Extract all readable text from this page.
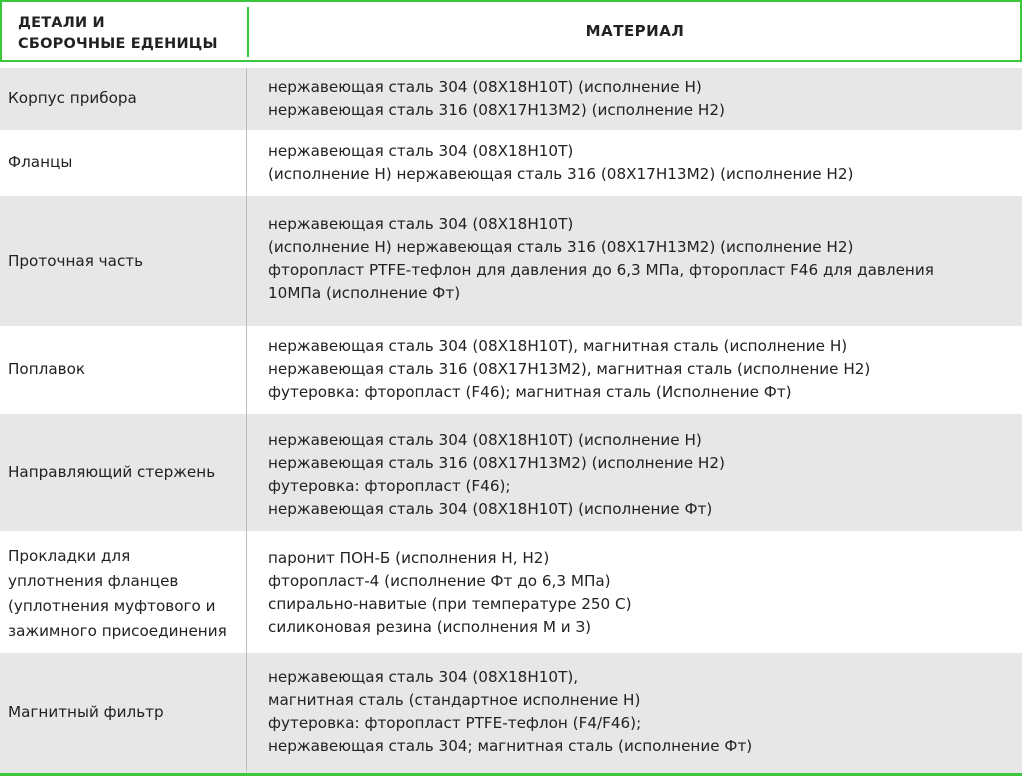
ДЕТАЛИ И
СБОРОЧНЫЕ ЕДЕНИЦЫ
МАТЕРИАЛ
Корпус прибора
нержавеющая сталь 304 (08Х18Н10Т) (исполнение Н)
нержавеющая сталь 316 (08Х17Н13М2) (исполнение Н2)
Фланцы
нержавеющая сталь 304 (08Х18Н10Т)
(исполнение Н) нержавеющая сталь 316 (08Х17Н13М2) (исполнение Н2)
Проточная часть
нержавеющая сталь 304 (08Х18Н10Т)
(исполнение Н) нержавеющая сталь 316 (08Х17Н13М2) (исполнение Н2)
фторопласт PTFE-тефлон для давления до 6,3 МПа, фторопласт F46 для давления
10МПа (исполнение Фт)
Поплавок
нержавеющая сталь 304 (08Х18Н10Т), магнитная сталь (исполнение Н)
нержавеющая сталь 316 (08Х17Н13М2), магнитная сталь (исполнение Н2)
футеровка: фторопласт (F46); магнитная сталь (Исполнение Фт)
Направляющий стержень
нержавеющая сталь 304 (08Х18Н10Т) (исполнение Н)
нержавеющая сталь 316 (08Х17Н13М2) (исполнение Н2)
футеровка: фторопласт (F46);
нержавеющая сталь 304 (08Х18Н10Т) (исполнение Фт)
Прокладки для
уплотнения фланцев
(уплотнения муфтового и
зажимного присоединения
паронит ПОН-Б (исполнения Н, Н2)
фторопласт-4 (исполнение Фт до 6,3 МПа)
спирально-навитые (при температуре 250 С)
силиконовая резина (исполнения М и З)
Магнитный фильтр
нержавеющая сталь 304 (08Х18Н10Т),
магнитная сталь (стандартное исполнение Н)
футеровка: фторопласт PTFE-тефлон (F4/F46);
нержавеющая сталь 304; магнитная сталь (исполнение Фт)
